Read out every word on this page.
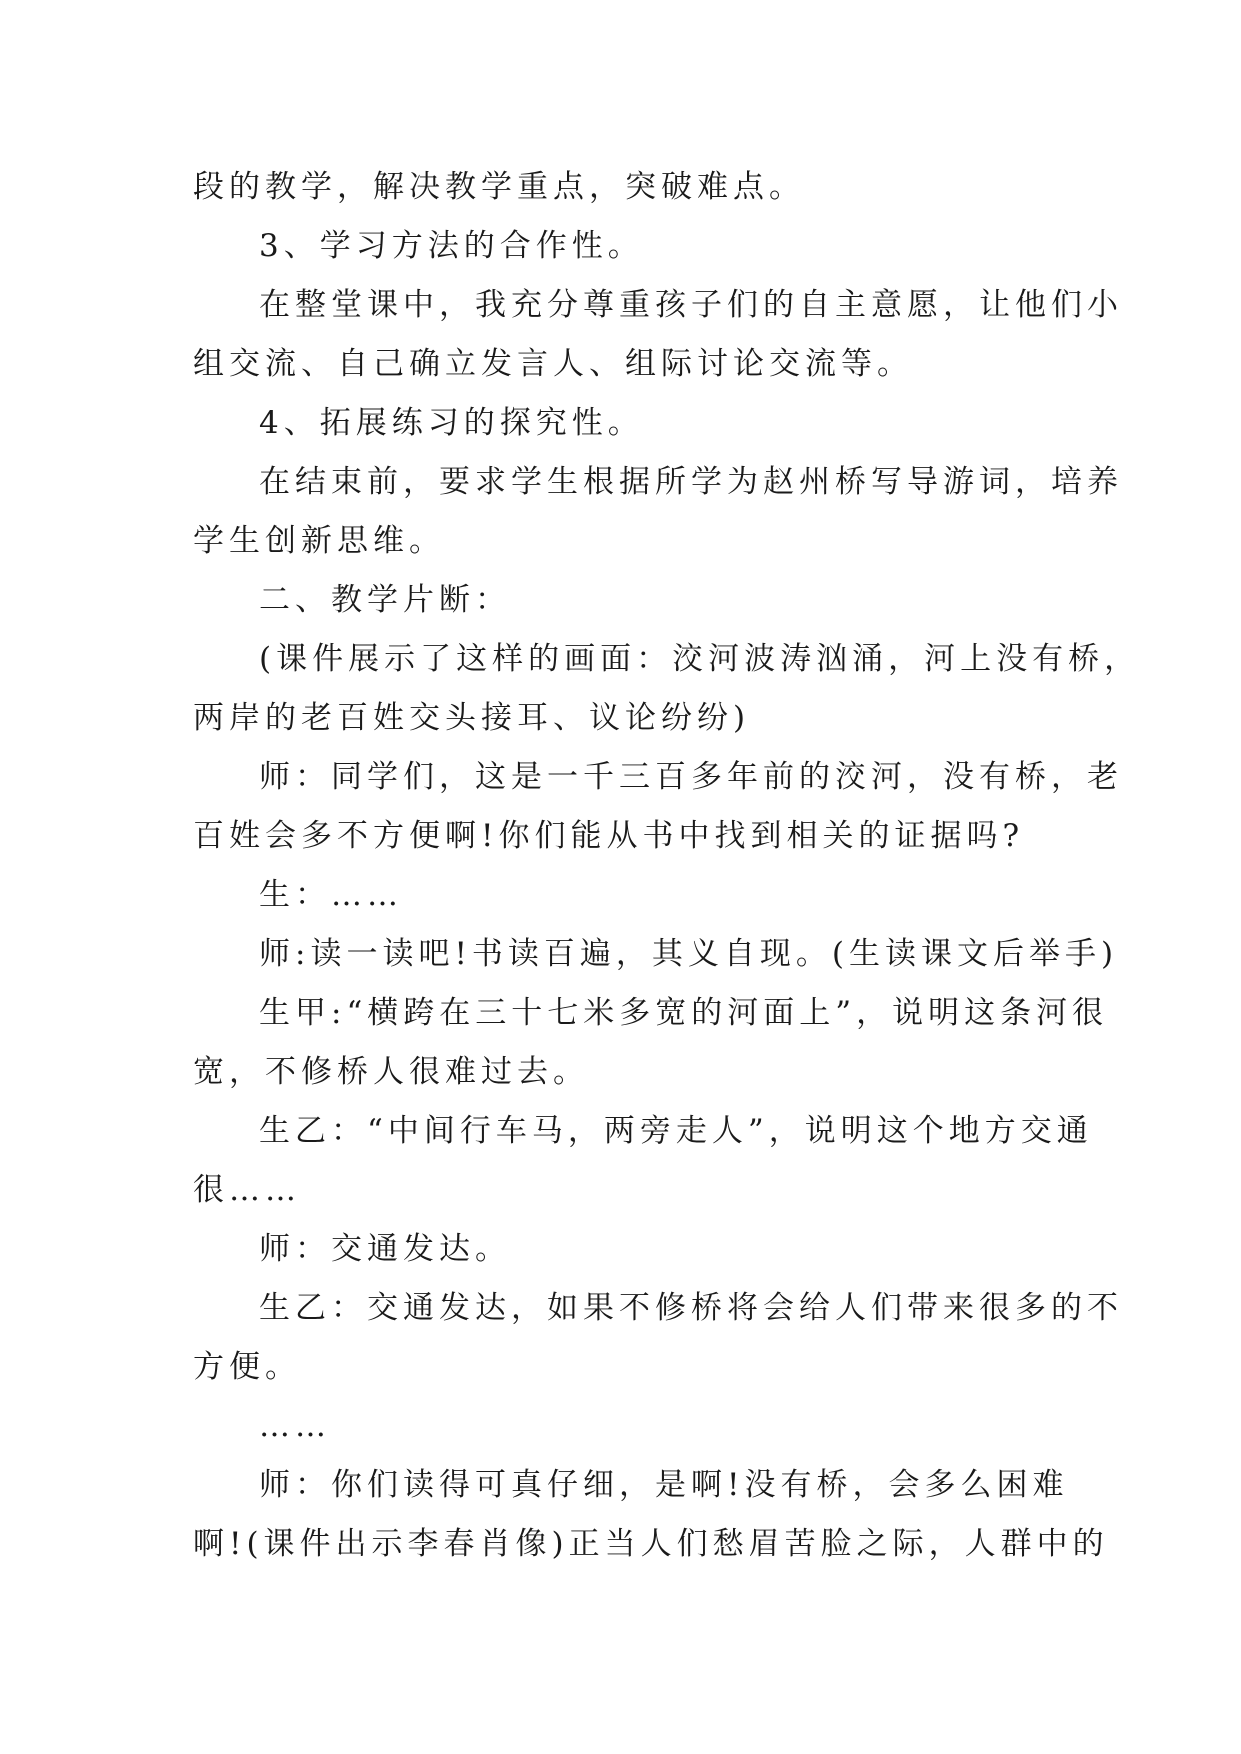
段的教学，解决教学重点，突破难点。
3、学习方法的合作性。
在整堂课中，我充分尊重孩子们的自主意愿，让他们小
组交流、自己确立发言人、组际讨论交流等。
4、拓展练习的探究性。
在结束前，要求学生根据所学为赵州桥写导游词，培养
学生创新思维。
二、教学片断：
(课件展示了这样的画面：洨河波涛汹涌，河上没有桥，
两岸的老百姓交头接耳、议论纷纷)
师：同学们，这是一千三百多年前的洨河，没有桥，老
百姓会多不方便啊!你们能从书中找到相关的证据吗?
生：……
师:读一读吧!书读百遍，其义自现。(生读课文后举手)
生甲:“横跨在三十七米多宽的河面上”，说明这条河很
宽，不修桥人很难过去。
生乙：“中间行车马，两旁走人”，说明这个地方交通
很……
师：交通发达。
生乙：交通发达，如果不修桥将会给人们带来很多的不
方便。
……
师：你们读得可真仔细，是啊!没有桥，会多么困难
啊!(课件出示李春肖像)正当人们愁眉苦脸之际，人群中的
